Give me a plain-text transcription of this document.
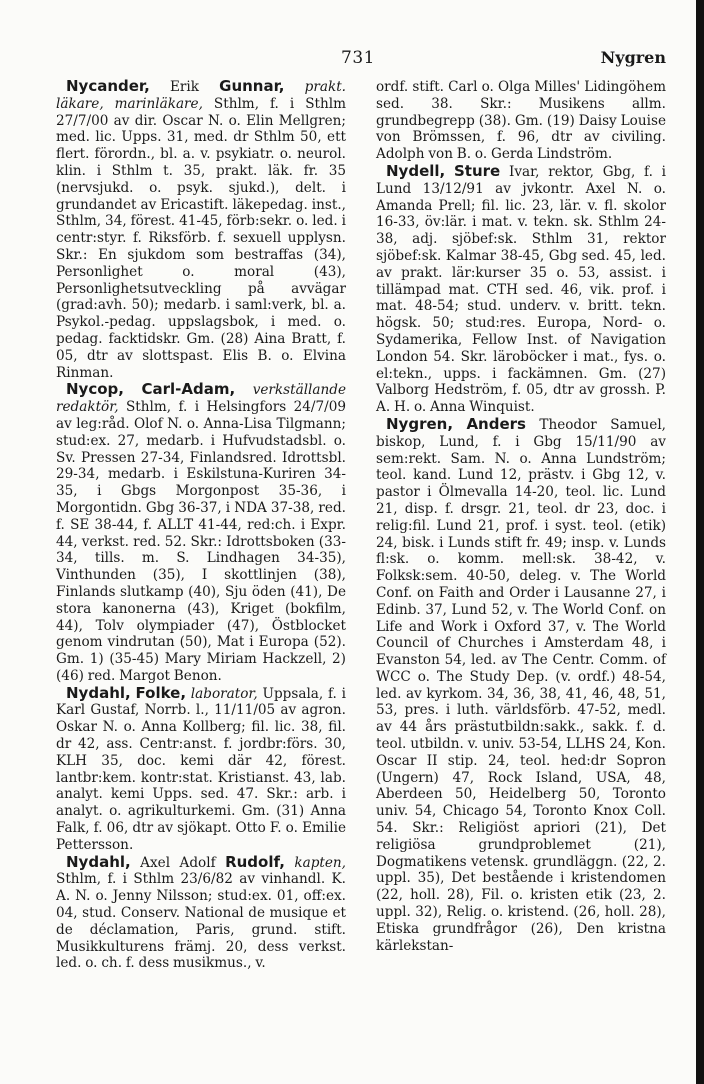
731	Nygren

Nycander, Erik Gunnar, prakt. läkare, marinläkare, Sthlm, f. i Sthlm 27/7/00 av dir. Oscar N. o. Elin Mellgren; med. lic. Upps. 31, med. dr Sthlm 50, ett flert. förordn., bl. a. v. psykiatr. o. neurol. klin. i Sthlm t. 35, prakt. läk. fr. 35 (nervsjukd. o. psyk. sjukd.), delt. i grundandet av Ericastift. läkepedag. inst., Sthlm, 34, förest. 41-45, förb:sekr. o. led. i centr:styr. f. Riksförb. f. sexuell upplysn. Skr.: En sjukdom som bestraffas (34), Personlighet o. moral (43), Personlighetsutveckling på avvägar (grad:avh. 50); medarb. i saml:verk, bl. a. Psykol.-pedag. uppslagsbok, i med. o. pedag. facktidskr. Gm. (28) Aina Bratt, f. 05, dtr av slottspast. Elis B. o. Elvina Rinman.

Nycop, Carl-Adam, verkställande redaktör, Sthlm, f. i Helsingfors 24/7/09 av leg:råd. Olof N. o. Anna-Lisa Tilgmann; stud:ex. 27, medarb. i Hufvudstadsbl. o. Sv. Pressen 27-34, Finlandsred. Idrottsbl. 29-34, medarb. i Eskilstuna-Kuriren 34-35, i Gbgs Morgonpost 35-36, i Morgontidn. Gbg 36-37, i NDA 37-38, red. f. SE 38-44, f. ALLT 41-44, red:ch. i Expr. 44, verkst. red. 52. Skr.: Idrottsboken (33-34, tills. m. S. Lindhagen 34-35), Vinthunden (35), I skottlinjen (38), Finlands slutkamp (40), Sju öden (41), De stora kanonerna (43), Kriget (bokfilm, 44), Tolv olympiader (47), Östblocket genom vindrutan (50), Mat i Europa (52). Gm. 1) (35-45) Mary Miriam Hackzell, 2) (46) red. Margot Benon.

Nydahl, Folke, laborator, Uppsala, f. i Karl Gustaf, Norrb. l., 11/11/05 av agron. Oskar N. o. Anna Kollberg; fil. lic. 38, fil. dr 42, ass. Centr:anst. f. jordbr:förs. 30, KLH 35, doc. kemi där 42, förest. lantbr:kem. kontr:stat. Kristianst. 43, lab. analyt. kemi Upps. sed. 47. Skr.: arb. i analyt. o. agrikulturkemi. Gm. (31) Anna Falk, f. 06, dtr av sjökapt. Otto F. o. Emilie Pettersson.

Nydahl, Axel Adolf Rudolf, kapten, Sthlm, f. i Sthlm 23/6/82 av vinhandl. K. A. N. o. Jenny Nilsson; stud:ex. 01, off:ex. 04, stud. Conserv. National de musique et de déclamation, Paris, grund. stift. Musikkulturens främj. 20, dess verkst. led. o. ch. f. dess musikmus., v.

ordf. stift. Carl o. Olga Milles' Lidingöhem sed. 38. Skr.: Musikens allm. grundbegrepp (38). Gm. (19) Daisy Louise von Brömssen, f. 96, dtr av civiling. Adolph von B. o. Gerda Lindström.

Nydell, Sture Ivar, rektor, Gbg, f. i Lund 13/12/91 av jvkontr. Axel N. o. Amanda Prell; fil. lic. 23, lär. v. fl. skolor 16-33, öv:lär. i mat. v. tekn. sk. Sthlm 24-38, adj. sjöbef:sk. Sthlm 31, rektor sjöbef:sk. Kalmar 38-45, Gbg sed. 45, led. av prakt. lär:kurser 35 o. 53, assist. i tillämpad mat. CTH sed. 46, vik. prof. i mat. 48-54; stud. underv. v. britt. tekn. högsk. 50; stud:res. Europa, Nord- o. Sydamerika, Fellow Inst. of Navigation London 54. Skr. läroböcker i mat., fys. o. el:tekn., upps. i fackämnen. Gm. (27) Valborg Hedström, f. 05, dtr av grossh. P. A. H. o. Anna Winquist.

Nygren, Anders Theodor Samuel, biskop, Lund, f. i Gbg 15/11/90 av sem:rekt. Sam. N. o. Anna Lundström; teol. kand. Lund 12, prästv. i Gbg 12, v. pastor i Ölmevalla 14-20, teol. lic. Lund 21, disp. f. drsgr. 21, teol. dr 23, doc. i relig:fil. Lund 21, prof. i syst. teol. (etik) 24, bisk. i Lunds stift fr. 49; insp. v. Lunds fl:sk. o. komm. mell:sk. 38-42, v. Folksk:sem. 40-50, deleg. v. The World Conf. on Faith and Order i Lausanne 27, i Edinb. 37, Lund 52, v. The World Conf. on Life and Work i Oxford 37, v. The World Council of Churches i Amsterdam 48, i Evanston 54, led. av The Centr. Comm. of WCC o. The Study Dep. (v. ordf.) 48-54, led. av kyrkom. 34, 36, 38, 41, 46, 48, 51, 53, pres. i luth. världsförb. 47-52, medl. av 44 års prästutbildn:sakk., sakk. f. d. teol. utbildn. v. univ. 53-54, LLHS 24, Kon. Oscar II stip. 24, teol. hed:dr Sopron (Ungern) 47, Rock Island, USA, 48, Aberdeen 50, Heidelberg 50, Toronto univ. 54, Chicago 54, Toronto Knox Coll. 54. Skr.: Religiöst apriori (21), Det religiösa grundproblemet (21), Dogmatikens vetensk. grundläggn. (22, 2. uppl. 35), Det bestående i kristendomen (22, holl. 28), Fil. o. kristen etik (23, 2. uppl. 32), Relig. o. kristend. (26, holl. 28), Etiska grundfrågor (26), Den kristna kärlekstan-
